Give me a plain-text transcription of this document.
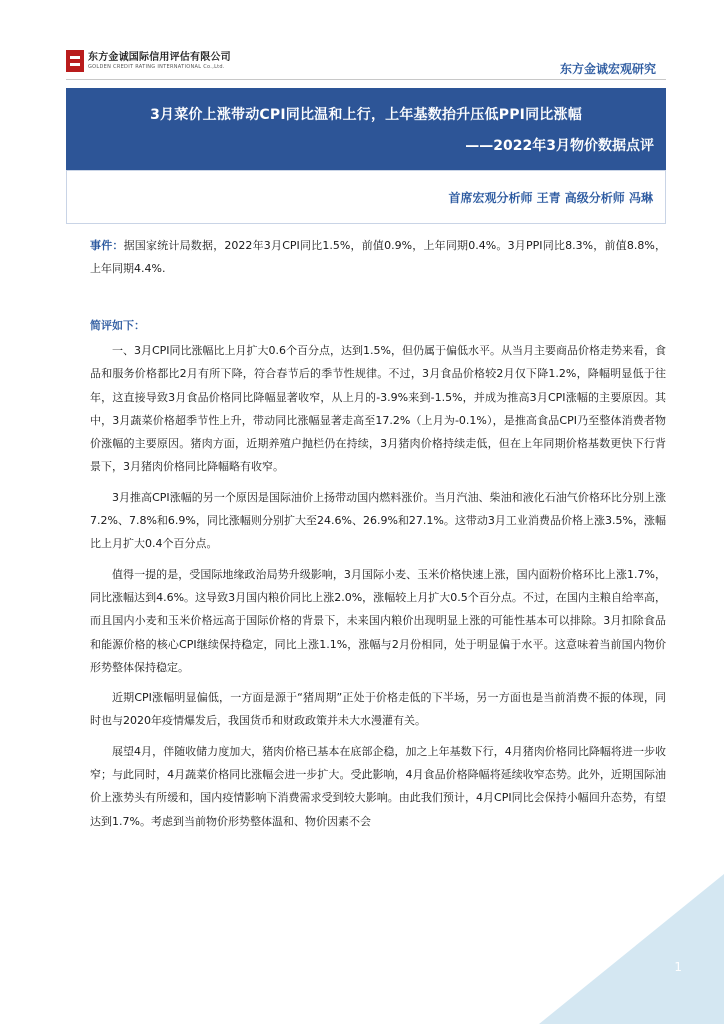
东方金诚国际信用评估有限公司
GOLDEN CREDIT RATING INTERNATIONAL Co.,Ltd.	东方金诚宏观研究
3月菜价上涨带动CPI同比温和上行，上年基数抬升压低PPI同比涨幅
——2022年3月物价数据点评
首席宏观分析师 王青 高级分析师 冯琳

事件：据国家统计局数据，2022年3月CPI同比1.5%，前值0.9%，上年同期0.4%。3月PPI同比8.3%，前值8.8%，上年同期4.4%.

简评如下：

一、3月CPI同比涨幅比上月扩大0.6个百分点，达到1.5%，但仍属于偏低水平。从当月主要商品价格走势来看，食品和服务价格都比2月有所下降，符合春节后的季节性规律。不过，3月食品价格较2月仅下降1.2%，降幅明显低于往年，这直接导致3月食品价格同比降幅显著收窄，从上月的-3.9%来到-1.5%，并成为推高3月CPI涨幅的主要原因。其中，3月蔬菜价格超季节性上升，带动同比涨幅显著走高至17.2%（上月为-0.1%），是推高食品CPI乃至整体消费者物价涨幅的主要原因。猪肉方面，近期养殖户抛栏仍在持续，3月猪肉价格持续走低，但在上年同期价格基数更快下行背景下，3月猪肉价格同比降幅略有收窄。

3月推高CPI涨幅的另一个原因是国际油价上扬带动国内燃料涨价。当月汽油、柴油和液化石油气价格环比分别上涨7.2%、7.8%和6.9%，同比涨幅则分别扩大至24.6%、26.9%和27.1%。这带动3月工业消费品价格上涨3.5%，涨幅比上月扩大0.4个百分点。

值得一提的是，受国际地缘政治局势升级影响，3月国际小麦、玉米价格快速上涨，国内面粉价格环比上涨1.7%，同比涨幅达到4.6%。这导致3月国内粮价同比上涨2.0%，涨幅较上月扩大0.5个百分点。不过，在国内主粮自给率高，而且国内小麦和玉米价格远高于国际价格的背景下，未来国内粮价出现明显上涨的可能性基本可以排除。3月扣除食品和能源价格的核心CPI继续保持稳定，同比上涨1.1%，涨幅与2月份相同，处于明显偏于水平。这意味着当前国内物价形势整体保持稳定。

近期CPI涨幅明显偏低，一方面是源于“猪周期”正处于价格走低的下半场，另一方面也是当前消费不振的体现，同时也与2020年疫情爆发后，我国货币和财政政策并未大水漫灌有关。

展望4月，伴随收储力度加大，猪肉价格已基本在底部企稳，加之上年基数下行，4月猪肉价格同比降幅将进一步收窄；与此同时，4月蔬菜价格同比涨幅会进一步扩大。受此影响，4月食品价格降幅将延续收窄态势。此外，近期国际油价上涨势头有所缓和，国内疫情影响下消费需求受到较大影响。由此我们预计，4月CPI同比会保持小幅回升态势，有望达到1.7%。考虑到当前物价形势整体温和、物价因素不会

1
